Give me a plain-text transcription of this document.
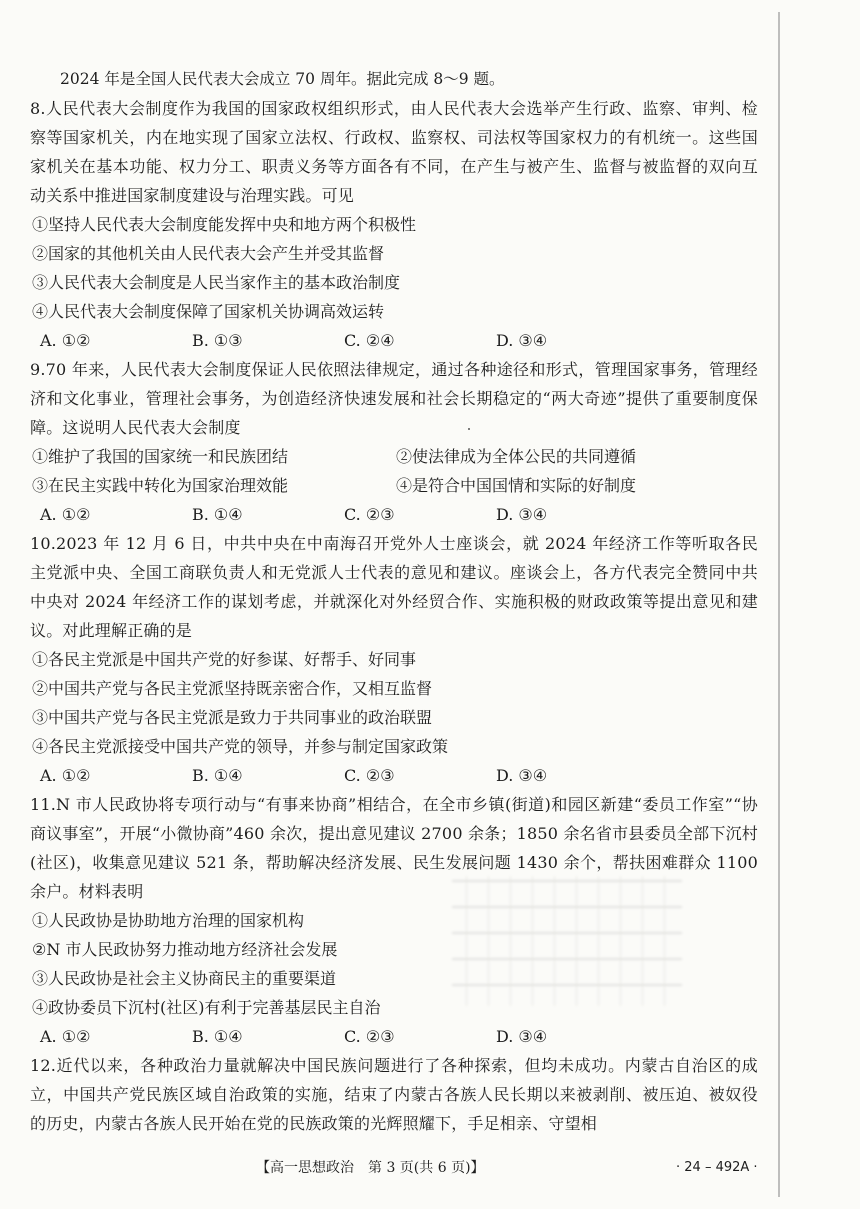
2024 年是全国人民代表大会成立 70 周年。据此完成 8～9 题。
8.人民代表大会制度作为我国的国家政权组织形式，由人民代表大会选举产生行政、监察、审判、检察等国家机关，内在地实现了国家立法权、行政权、监察权、司法权等国家权力的有机统一。这些国家机关在基本功能、权力分工、职责义务等方面各有不同，在产生与被产生、监督与被监督的双向互动关系中推进国家制度建设与治理实践。可见
①坚持人民代表大会制度能发挥中央和地方两个积极性
②国家的其他机关由人民代表大会产生并受其监督
③人民代表大会制度是人民当家作主的基本政治制度
④人民代表大会制度保障了国家机关协调高效运转
A. ①②	B. ①③	C. ②④	D. ③④
9.70 年来，人民代表大会制度保证人民依照法律规定，通过各种途径和形式，管理国家事务，管理经济和文化事业，管理社会事务，为创造经济快速发展和社会长期稳定的“两大奇迹”提供了重要制度保障。这说明人民代表大会制度
①维护了我国的国家统一和民族团结	②使法律成为全体公民的共同遵循
③在民主实践中转化为国家治理效能	④是符合中国国情和实际的好制度
A. ①②	B. ①④	C. ②③	D. ③④
10.2023 年 12 月 6 日，中共中央在中南海召开党外人士座谈会，就 2024 年经济工作等听取各民主党派中央、全国工商联负责人和无党派人士代表的意见和建议。座谈会上，各方代表完全赞同中共中央对 2024 年经济工作的谋划考虑，并就深化对外经贸合作、实施积极的财政政策等提出意见和建议。对此理解正确的是
①各民主党派是中国共产党的好参谋、好帮手、好同事
②中国共产党与各民主党派坚持既亲密合作，又相互监督
③中国共产党与各民主党派是致力于共同事业的政治联盟
④各民主党派接受中国共产党的领导，并参与制定国家政策
A. ①②	B. ①④	C. ②③	D. ③④
11.N 市人民政协将专项行动与“有事来协商”相结合，在全市乡镇(街道)和园区新建“委员工作室”“协商议事室”，开展“小微协商”460 余次，提出意见建议 2700 余条；1850 余名省市县委员全部下沉村(社区)，收集意见建议 521 条，帮助解决经济发展、民生发展问题 1430 余个，帮扶困难群众 1100 余户。材料表明
①人民政协是协助地方治理的国家机构
②N 市人民政协努力推动地方经济社会发展
③人民政协是社会主义协商民主的重要渠道
④政协委员下沉村(社区)有利于完善基层民主自治
A. ①②	B. ①④	C. ②③	D. ③④
12.近代以来，各种政治力量就解决中国民族问题进行了各种探索，但均未成功。内蒙古自治区的成立，中国共产党民族区域自治政策的实施，结束了内蒙古各族人民长期以来被剥削、被压迫、被奴役的历史，内蒙古各族人民开始在党的民族政策的光辉照耀下，手足相亲、守望相
【高一思想政治　第 3 页(共 6 页)】	· 24 – 492A ·
